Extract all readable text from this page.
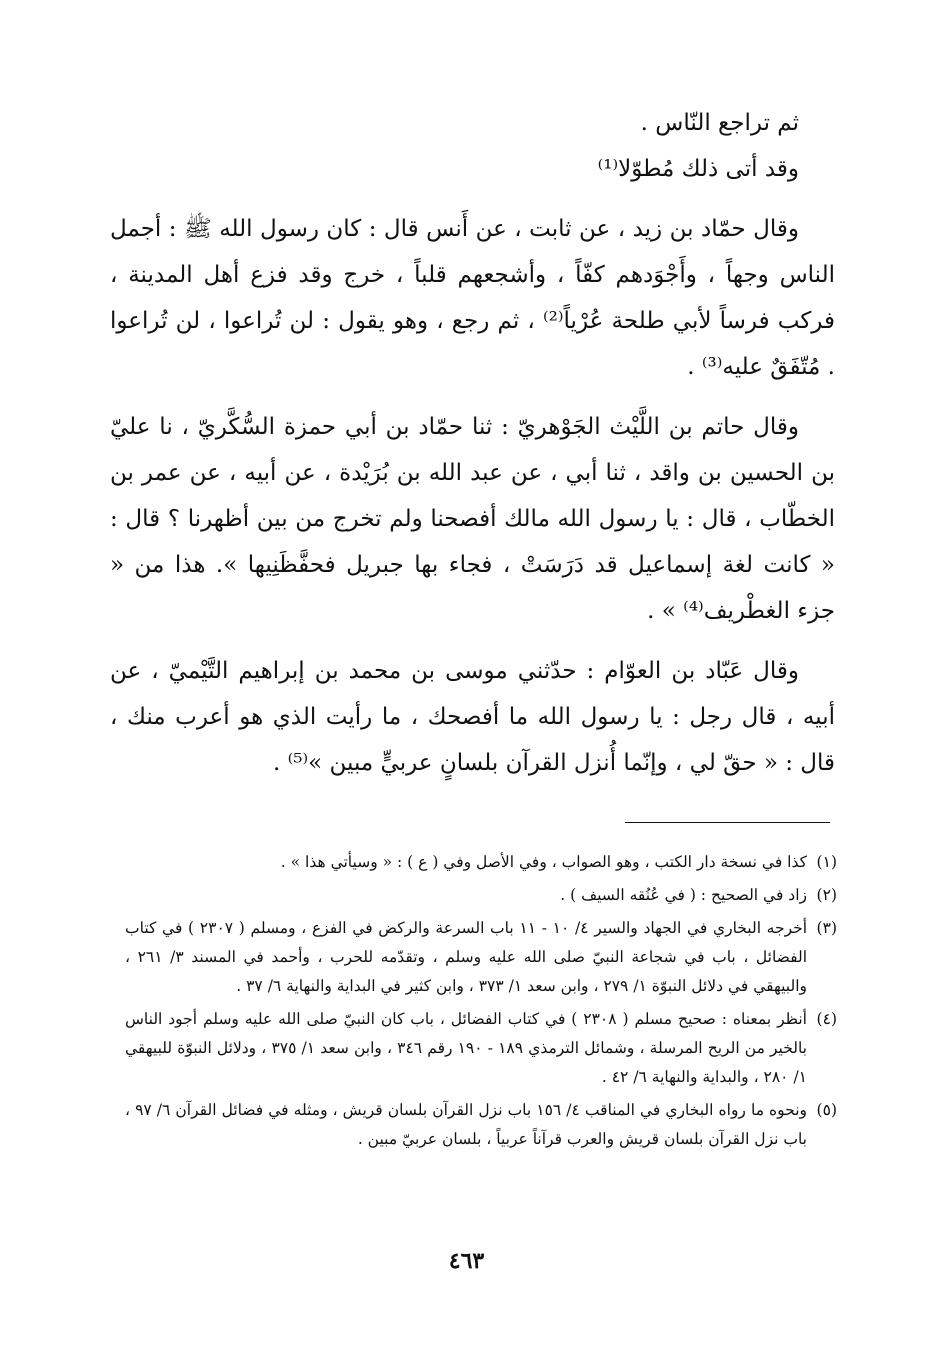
ثم تراجع النّاس .

وقد أتى ذلك مُطوّلا⁽¹⁾

وقال حمّاد بن زيد ، عن ثابت ، عن أَنس قال : كان رسول الله ﷺ : أجمل الناس وجهاً ، وأَجْوَدهم كفّاً ، وأشجعهم قلباً ، خرج وقد فزع أهل المدينة ، فركب فرساً لأبي طلحة عُرْياً⁽²⁾ ، ثم رجع ، وهو يقول : لن تُراعوا ، لن تُراعوا . مُتّفَقٌ عليه⁽³⁾ .

وقال حاتم بن اللَّيْث الجَوْهريّ : ثنا حمّاد بن أبي حمزة السُّكَّريّ ، نا عليّ بن الحسين بن واقد ، ثنا أبي ، عن عبد الله بن بُرَيْدة ، عن أبيه ، عن عمر بن الخطّاب ، قال : يا رسول الله مالك أفصحنا ولم تخرج من بين أظهرنا ؟ قال : « كانت لغة إسماعيل قد دَرَسَتْ ، فجاء بها جبريل فحفَّظَنِيها ». هذا من « جزء الغطْريف⁽⁴⁾ » .

وقال عَبّاد بن العوّام : حدّثني موسى بن محمد بن إبراهيم التَّيْميّ ، عن أبيه ، قال رجل : يا رسول الله ما أفصحك ، ما رأيت الذي هو أعرب منك ، قال : « حقّ لي ، وإنّما أُنزل القرآن بلسانٍ عربيٍّ مبين »⁽⁵⁾ .

(١)
كذا في نسخة دار الكتب ، وهو الصواب ، وفي الأصل وفي ( ع ) : « وسيأتي هذا » .
(٢)
زاد في الصحيح : ( في عُنُقه السيف ) .
(٣)
أخرجه البخاري في الجهاد والسير ٤/ ١٠ - ١١ باب السرعة والركض في الفزع ، ومسلم ( ٢٣٠٧ ) في كتاب الفضائل ، باب في شجاعة النبيّ صلى الله عليه وسلم ، وتقدّمه للحرب ، وأحمد في المسند ٣/ ٢٦١ ، والبيهقي في دلائل النبوّة ١/ ٢٧٩ ، وابن سعد ١/ ٣٧٣ ، وابن كثير في البداية والنهاية ٦/ ٣٧ .
(٤)
أنظر بمعناه : صحيح مسلم ( ٢٣٠٨ ) في كتاب الفضائل ، باب كان النبيّ صلى الله عليه وسلم أجود الناس بالخير من الريح المرسلة ، وشمائل الترمذي ١٨٩ - ١٩٠ رقم ٣٤٦ ، وابن سعد ١/ ٣٧٥ ، ودلائل النبوّة للبيهقي ١/ ٢٨٠ ، والبداية والنهاية ٦/ ٤٢ .
(٥)
ونحوه ما رواه البخاري في المناقب ٤/ ١٥٦ باب نزل القرآن بلسان قريش ، ومثله في فضائل القرآن ٦/ ٩٧ ، باب نزل القرآن بلسان قريش والعرب قرآناً عربياً ، بلسان عربيّ مبين .
٤٦٣
